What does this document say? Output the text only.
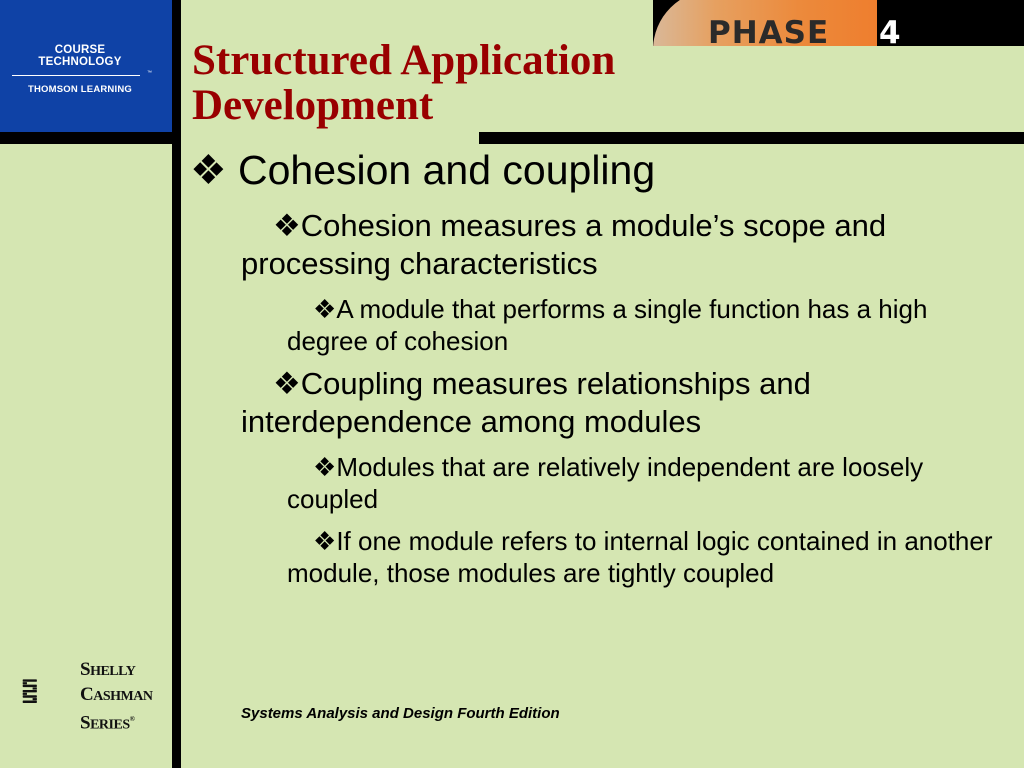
COURSE
TECHNOLOGY
™
THOMSON LEARNING
PHASE 4
Structured Application Development
❖ Cohesion and coupling
❖Cohesion measures a module’s scope and processing characteristics
❖A module that performs a single function has a high degree of cohesion
❖Coupling measures relationships and interdependence among modules
❖Modules that are relatively independent are loosely coupled
❖If one module refers to internal logic contained in another module, those modules are tightly coupled
SHELLY
CASHMAN
SERIES®	Systems Analysis and Design Fourth Edition
